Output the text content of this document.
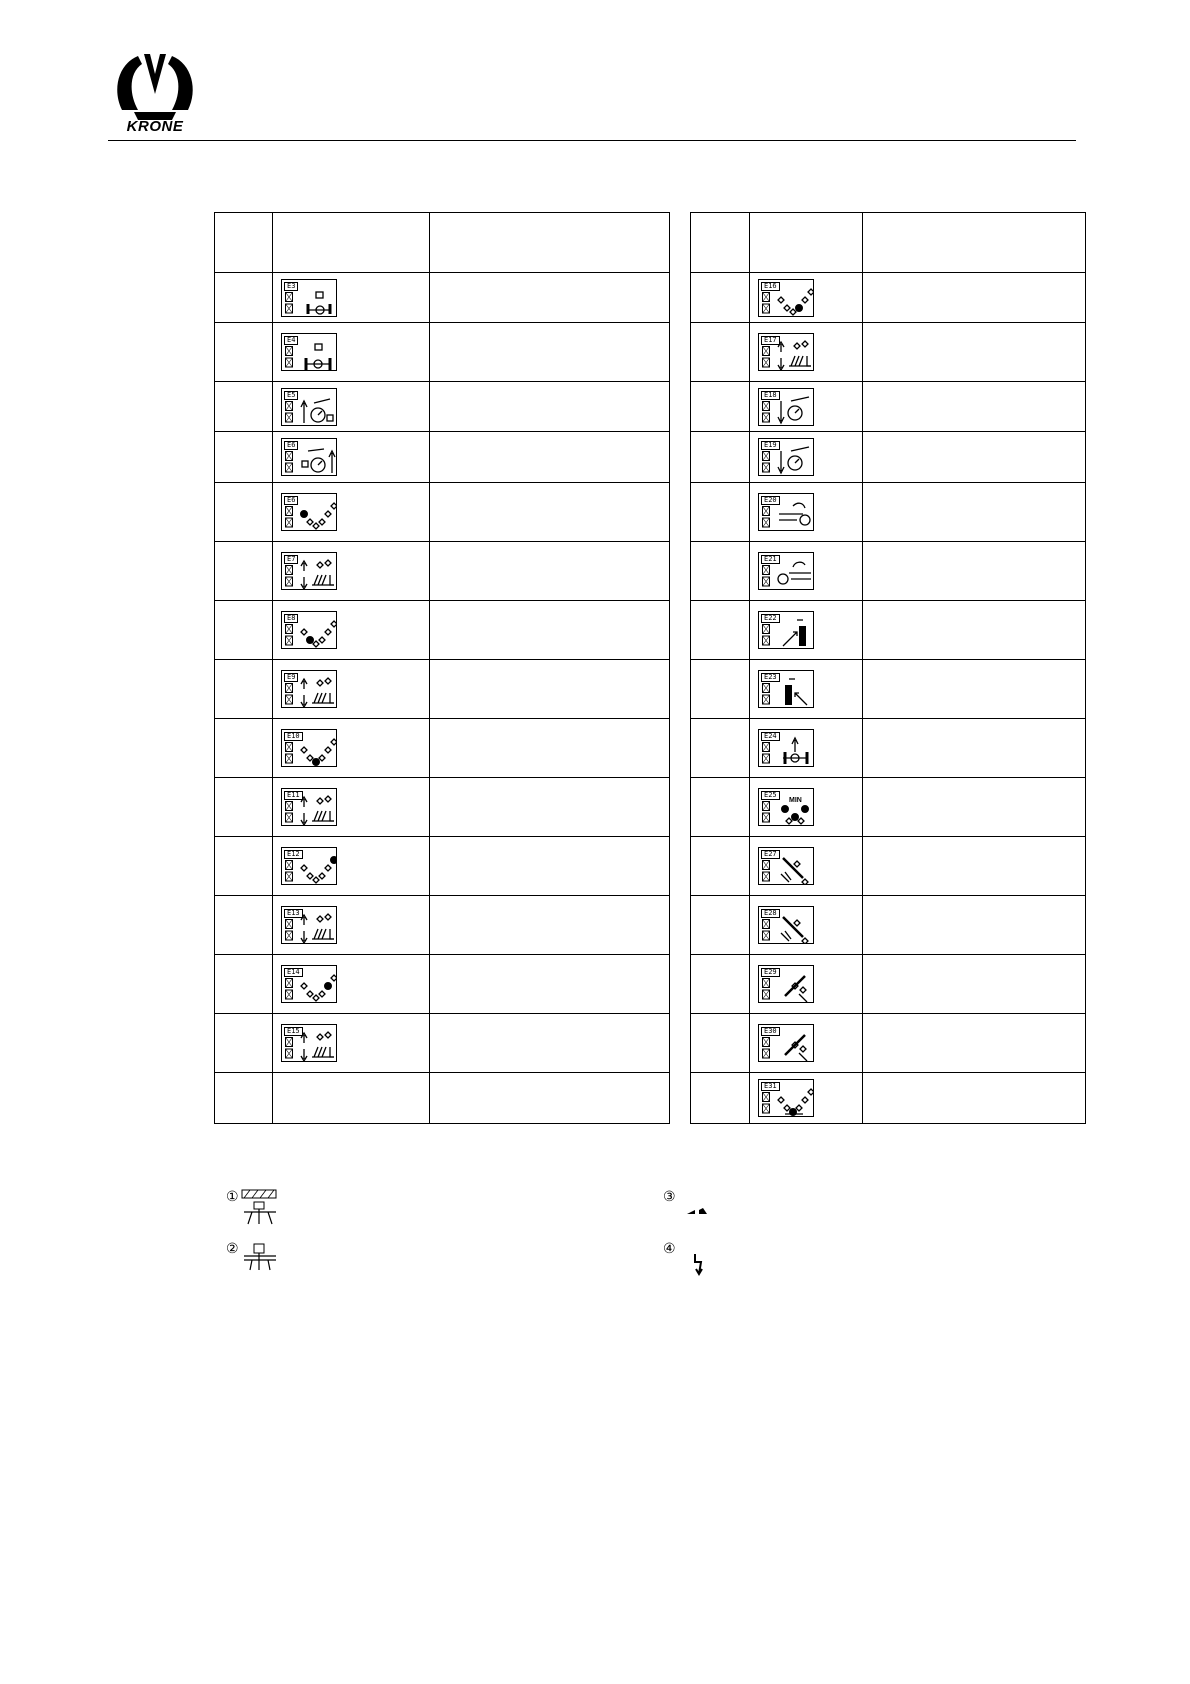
KRONE

	E3	

	E4	

	E5	

	E6	

	E6	

	E7	

	E8	

	E9	

	E10	

	E11	

	E12	

	E13	

	E14	

	E15	

	E16	

	E17	

	E18	

	E19	

	E20	

	E21	

	E22	

	E23	

	E24	

	E25
MIN	

	E27	

	E28	

	E29	

	E30	

	E31	

①
②
③
④
